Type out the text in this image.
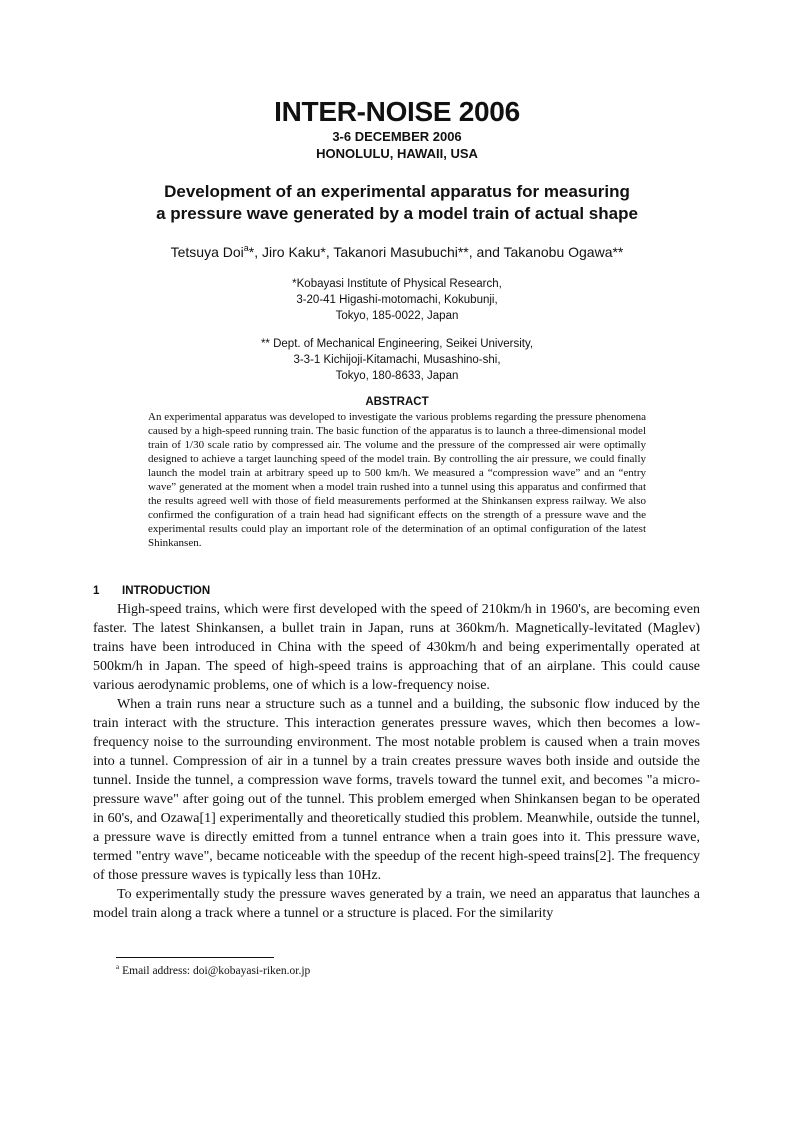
INTER-NOISE 2006
3-6 DECEMBER 2006
HONOLULU, HAWAII, USA
Development of an experimental apparatus for measuring
a pressure wave generated by a model train of actual shape
Tetsuya Doi$^a$*, Jiro Kaku*, Takanori Masubuchi**, and Takanobu Ogawa**
*Kobayasi Institute of Physical Research,
3-20-41 Higashi-motomachi, Kokubunji,
Tokyo, 185-0022, Japan
** Dept. of Mechanical Engineering, Seikei University,
3-3-1 Kichijoji-Kitamachi, Musashino-shi,
Tokyo, 180-8633, Japan
ABSTRACT

An experimental apparatus was developed to investigate the various problems regarding the pressure phenomena caused by a high-speed running train. The basic function of the apparatus is to launch a three-dimensional model train of 1/30 scale ratio by compressed air. The volume and the pressure of the compressed air were optimally designed to achieve a target launching speed of the model train. By controlling the air pressure, we could finally launch the model train at arbitrary speed up to 500 km/h. We measured a “compression wave” and an “entry wave” generated at the moment when a model train rushed into a tunnel using this apparatus and confirmed that the results agreed well with those of field measurements performed at the Shinkansen express railway. We also confirmed the configuration of a train head had significant effects on the strength of a pressure wave and the experimental results could play an important role of the determination of an optimal configuration of the latest Shinkansen.

1 INTRODUCTION

High-speed trains, which were first developed with the speed of 210km/h in 1960's, are becoming even faster. The latest Shinkansen, a bullet train in Japan, runs at 360km/h. Magnetically-levitated (Maglev) trains have been introduced in China with the speed of 430km/h and being experimentally operated at 500km/h in Japan. The speed of high-speed trains is approaching that of an airplane. This could cause various aerodynamic problems, one of which is a low-frequency noise.

When a train runs near a structure such as a tunnel and a building, the subsonic flow induced by the train interact with the structure. This interaction generates pressure waves, which then becomes a low-frequency noise to the surrounding environment. The most notable problem is caused when a train moves into a tunnel. Compression of air in a tunnel by a train creates pressure waves both inside and outside the tunnel. Inside the tunnel, a compression wave forms, travels toward the tunnel exit, and becomes "a micro-pressure wave" after going out of the tunnel. This problem emerged when Shinkansen began to be operated in 60's, and Ozawa[1] experimentally and theoretically studied this problem. Meanwhile, outside the tunnel, a pressure wave is directly emitted from a tunnel entrance when a train goes into it. This pressure wave, termed "entry wave", became noticeable with the speedup of the recent high-speed trains[2]. The frequency of those pressure waves is typically less than 10Hz.

To experimentally study the pressure waves generated by a train, we need an apparatus that launches a model train along a track where a tunnel or a structure is placed. For the similarity

$^a$ Email address: doi@kobayasi-riken.or.jp
